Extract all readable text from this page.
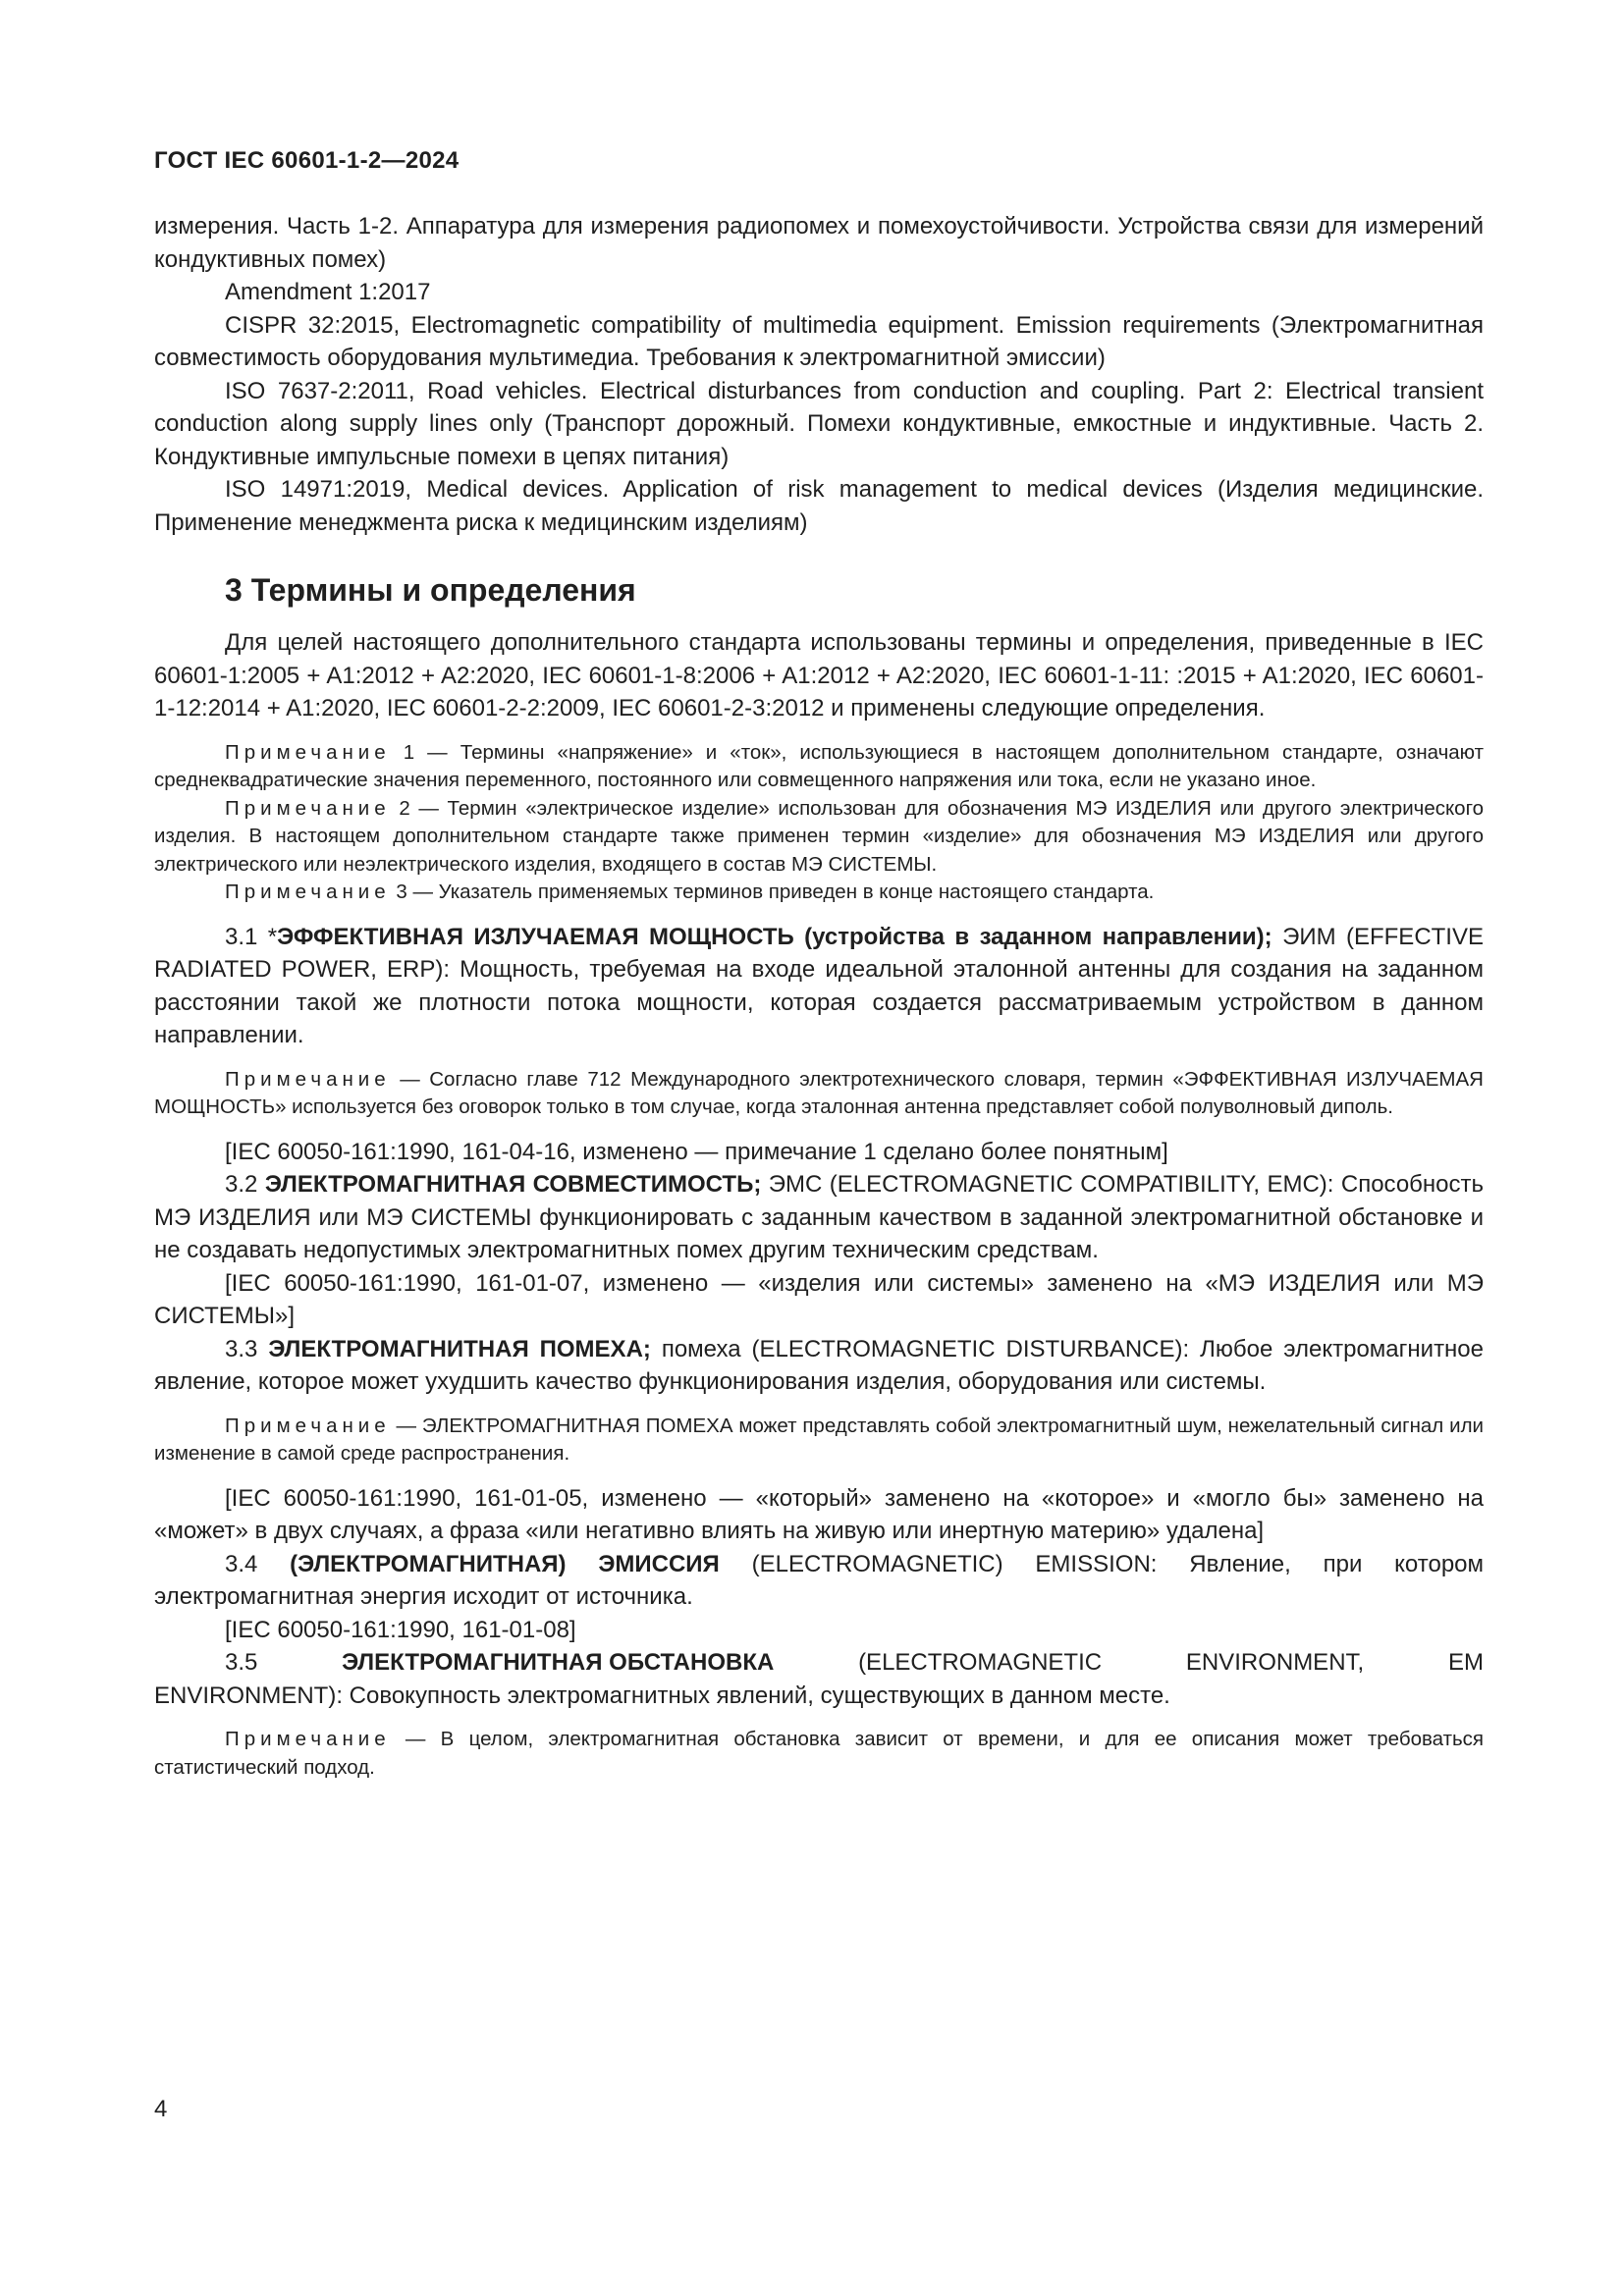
ГОСТ IEC 60601-1-2—2024

измерения. Часть 1-2. Аппаратура для измерения радиопомех и помехоустойчивости. Устройства связи для измерений кондуктивных помех)

Amendment 1:2017

CISPR 32:2015, Electromagnetic compatibility of multimedia equipment. Emission requirements (Электромагнитная совместимость оборудования мультимедиа. Требования к электромагнитной эмиссии)

ISO 7637-2:2011, Road vehicles. Electrical disturbances from conduction and coupling. Part 2: Electrical transient conduction along supply lines only (Транспорт дорожный. Помехи кондуктивные, емкостные и индуктивные. Часть 2. Кондуктивные импульсные помехи в цепях питания)

ISO 14971:2019, Medical devices. Application of risk management to medical devices (Изделия медицинские. Применение менеджмента риска к медицинским изделиям)

3 Термины и определения

Для целей настоящего дополнительного стандарта использованы термины и определения, приведенные в IEC 60601-1:2005 + A1:2012 + A2:2020, IEC 60601-1-8:2006 + A1:2012 + A2:2020, IEC 60601-1-11: :2015 + A1:2020, IEC 60601-1-12:2014 + A1:2020, IEC 60601-2-2:2009, IEC 60601-2-3:2012 и применены следующие определения.

Примечание 1 — Термины «напряжение» и «ток», использующиеся в настоящем дополнительном стандарте, означают среднеквадратические значения переменного, постоянного или совмещенного напряжения или тока, если не указано иное.

Примечание 2 — Термин «электрическое изделие» использован для обозначения МЭ ИЗДЕЛИЯ или другого электрического изделия. В настоящем дополнительном стандарте также применен термин «изделие» для обозначения МЭ ИЗДЕЛИЯ или другого электрического или неэлектрического изделия, входящего в состав МЭ СИСТЕМЫ.

Примечание 3 — Указатель применяемых терминов приведен в конце настоящего стандарта.

3.1 *ЭФФЕКТИВНАЯ ИЗЛУЧАЕМАЯ МОЩНОСТЬ (устройства в заданном направлении); ЭИМ (EFFECTIVE RADIATED POWER, ERP): Мощность, требуемая на входе идеальной эталонной антенны для создания на заданном расстоянии такой же плотности потока мощности, которая создается рассматриваемым устройством в данном направлении.

Примечание — Согласно главе 712 Международного электротехнического словаря, термин «ЭФФЕКТИВНАЯ ИЗЛУЧАЕМАЯ МОЩНОСТЬ» используется без оговорок только в том случае, когда эталонная антенна представляет собой полуволновый диполь.

[IEC 60050-161:1990, 161-04-16, изменено — примечание 1 сделано более понятным]

3.2 ЭЛЕКТРОМАГНИТНАЯ СОВМЕСТИМОСТЬ; ЭМС (ELECTROMAGNETIC COMPATIBILITY, EMC): Способность МЭ ИЗДЕЛИЯ или МЭ СИСТЕМЫ функционировать с заданным качеством в заданной электромагнитной обстановке и не создавать недопустимых электромагнитных помех другим техническим средствам.

[IEC 60050-161:1990, 161-01-07, изменено — «изделия или системы» заменено на «МЭ ИЗДЕЛИЯ или МЭ СИСТЕМЫ»]

3.3 ЭЛЕКТРОМАГНИТНАЯ ПОМЕХА; помеха (ELECTROMAGNETIC DISTURBANCE): Любое электромагнитное явление, которое может ухудшить качество функционирования изделия, оборудования или системы.

Примечание — ЭЛЕКТРОМАГНИТНАЯ ПОМЕХА может представлять собой электромагнитный шум, нежелательный сигнал или изменение в самой среде распространения.

[IEC 60050-161:1990, 161-01-05, изменено — «который» заменено на «которое» и «могло бы» заменено на «может» в двух случаях, а фраза «или негативно влиять на живую или инертную материю» удалена]

3.4 (ЭЛЕКТРОМАГНИТНАЯ) ЭМИССИЯ (ELECTROMAGNETIC) EMISSION: Явление, при котором электромагнитная энергия исходит от источника.

[IEC 60050-161:1990, 161-01-08]

3.5	ЭЛЕКТРОМАГНИТНАЯ ОБСТАНОВКА	(ELECTROMAGNETIC	ENVIRONMENT,	EM

ENVIRONMENT): Совокупность электромагнитных явлений, существующих в данном месте.

Примечание — В целом, электромагнитная обстановка зависит от времени, и для ее описания может требоваться статистический подход.

4
